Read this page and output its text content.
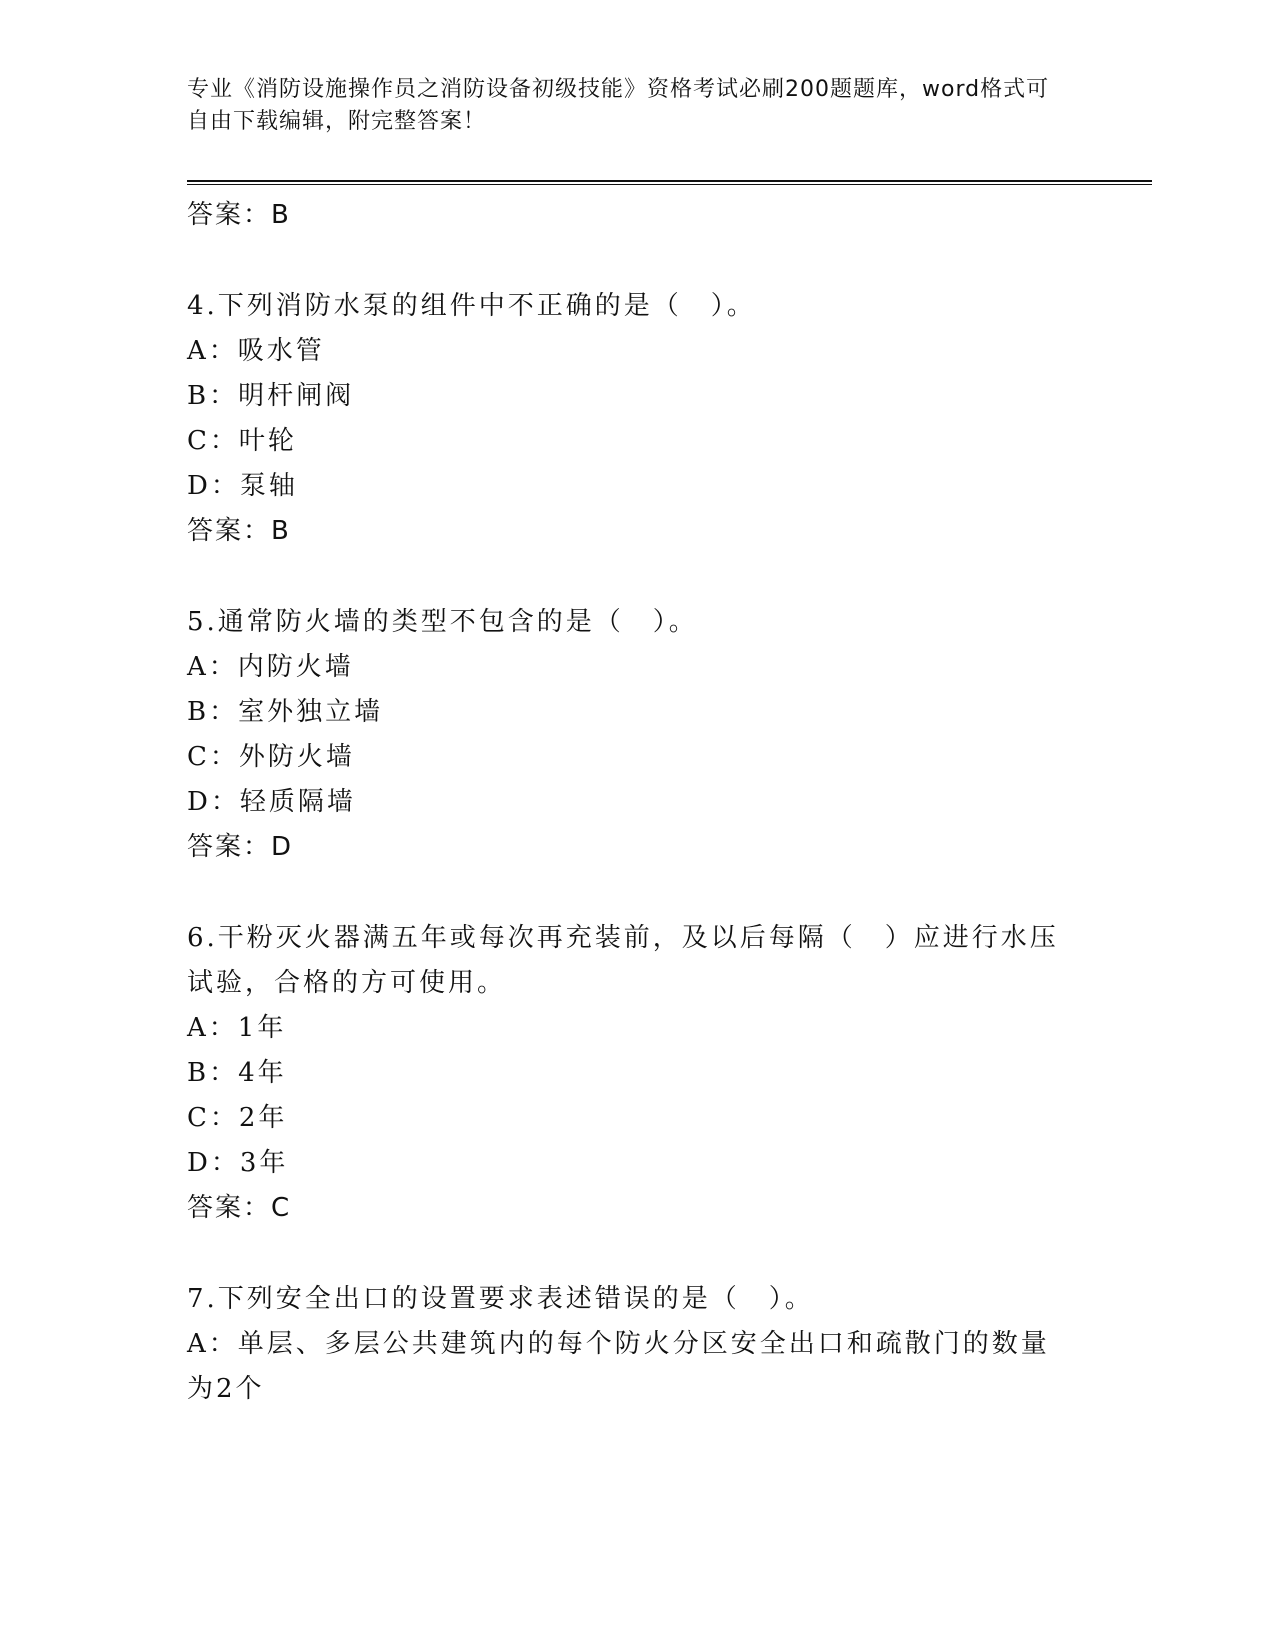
专业《消防设施操作员之消防设备初级技能》资格考试必刷200题题库，word格式可自由下载编辑，附完整答案！
答案：B
4.下列消防水泵的组件中不正确的是（　）。
A：吸水管
B：明杆闸阀
C：叶轮
D：泵轴
答案：B
5.通常防火墙的类型不包含的是（　）。
A：内防火墙
B：室外独立墙
C：外防火墙
D：轻质隔墙
答案：D
6.干粉灭火器满五年或每次再充装前，及以后每隔（　）应进行水压试验，合格的方可使用。
A：1年
B：4年
C：2年
D：3年
答案：C
7.下列安全出口的设置要求表述错误的是（　）。
A：单层、多层公共建筑内的每个防火分区安全出口和疏散门的数量为2个
